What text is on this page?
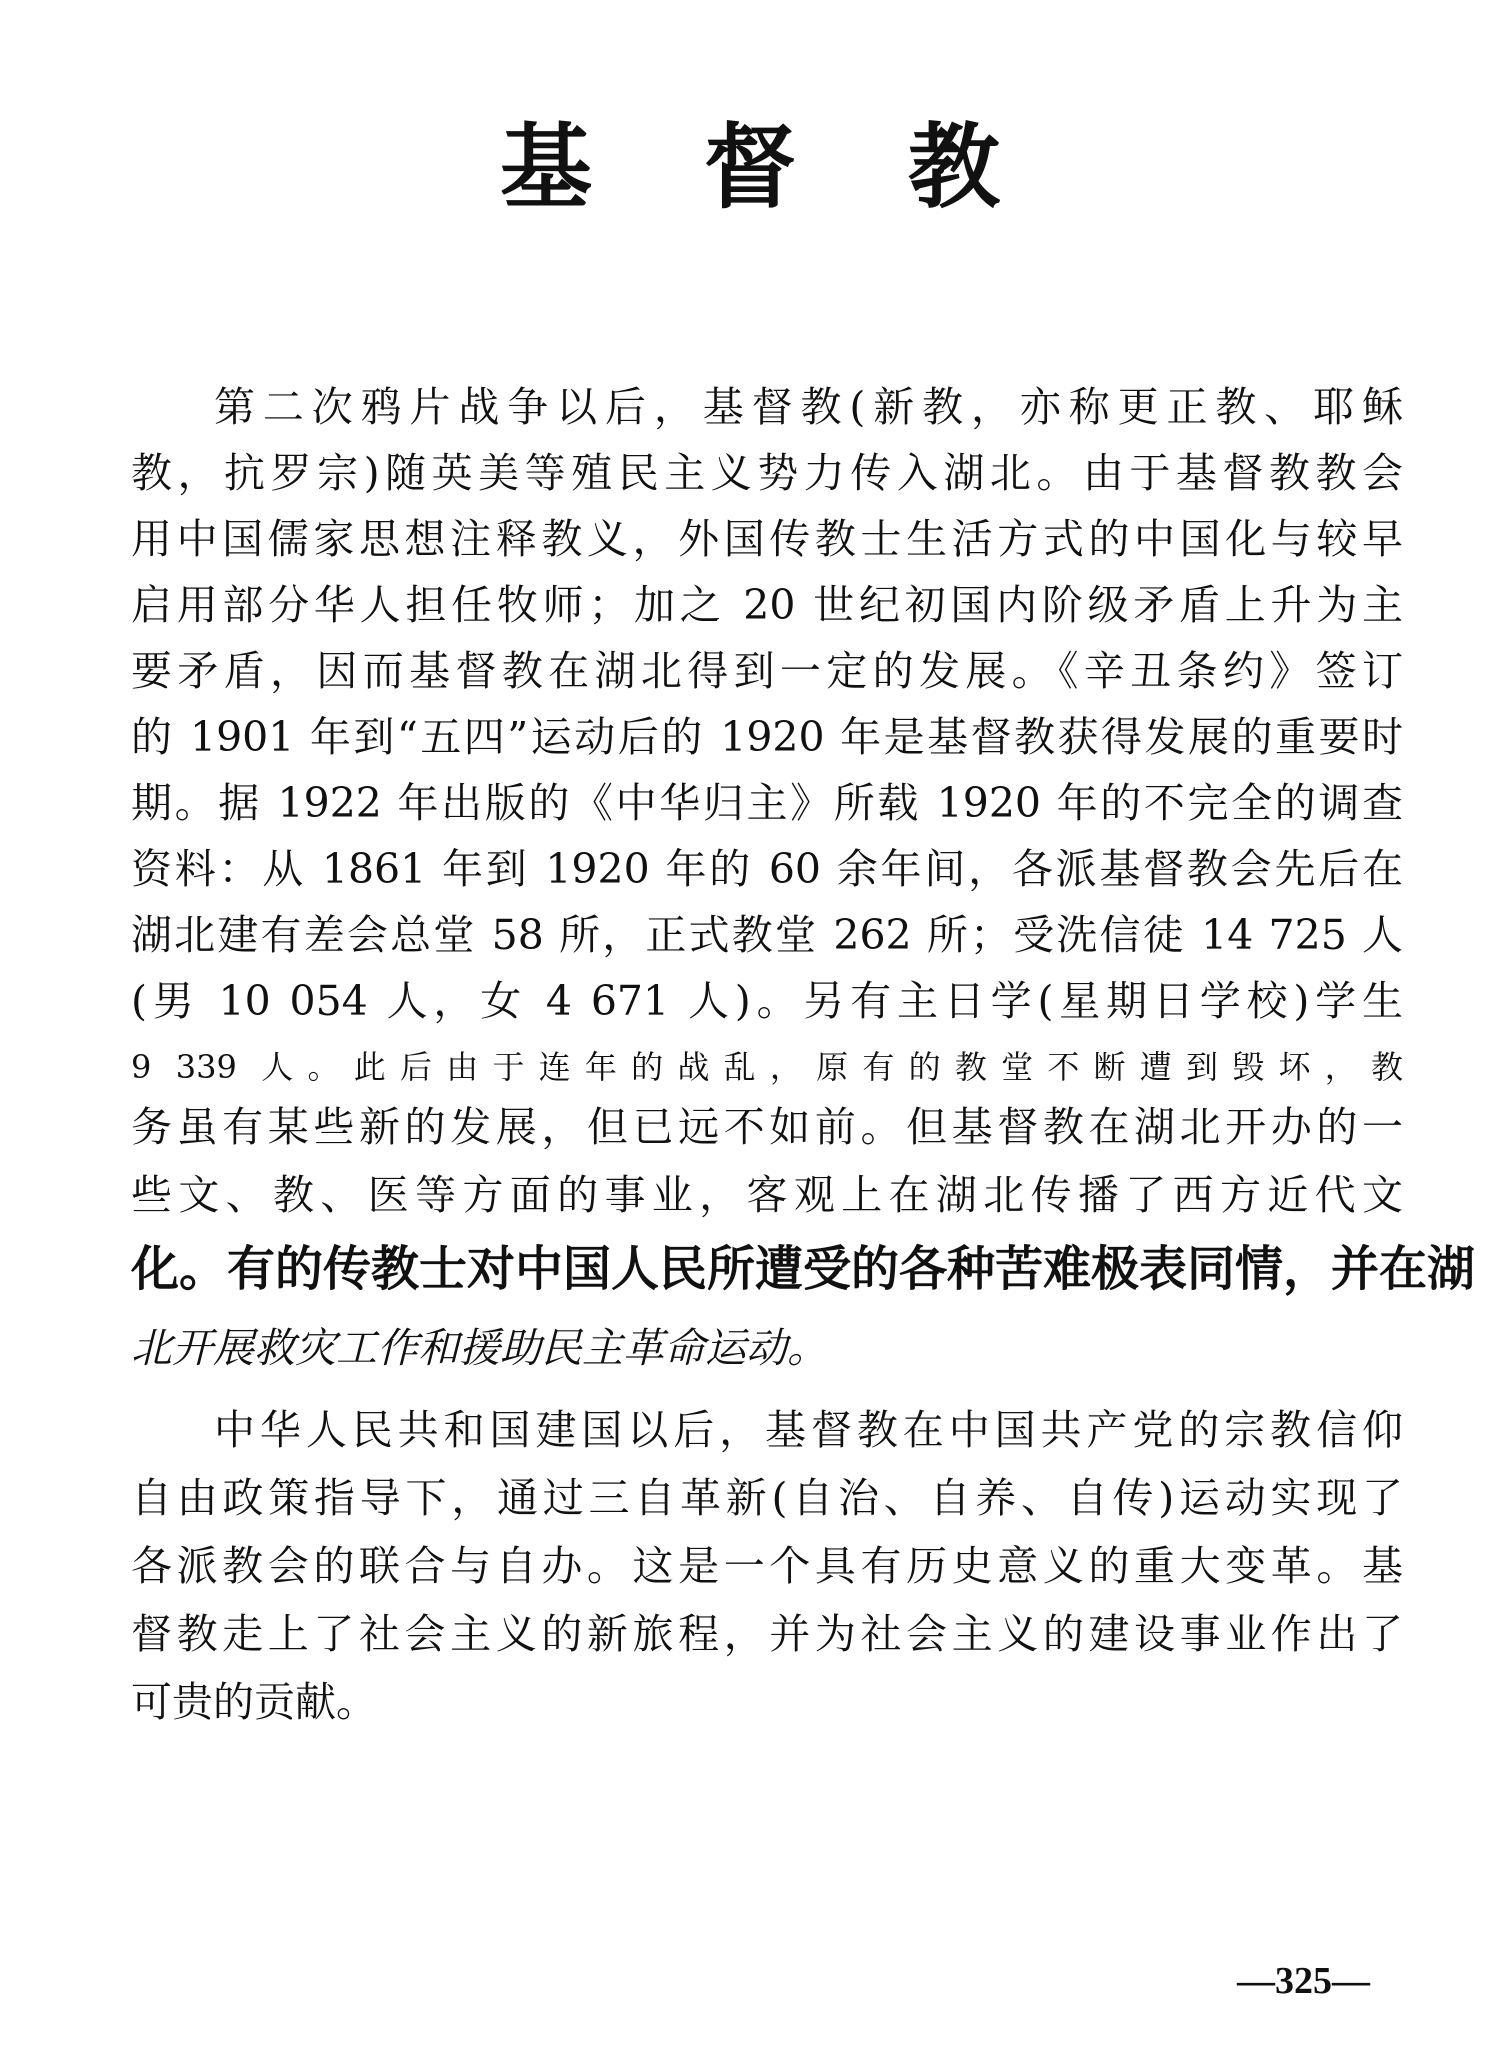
基 督 教

第二次鸦片战争以后，基督教(新教，亦称更正教、耶稣

教，抗罗宗)随英美等殖民主义势力传入湖北。由于基督教教会

用中国儒家思想注释教义，外国传教士生活方式的中国化与较早

启用部分华人担任牧师；加之 20 世纪初国内阶级矛盾上升为主

要矛盾，因而基督教在湖北得到一定的发展。《辛丑条约》签订

的 1901 年到“五四”运动后的 1920 年是基督教获得发展的重要时

期。据 1922 年出版的《中华归主》所载 1920 年的不完全的调查

资料：从 1861 年到 1920 年的 60 余年间，各派基督教会先后在

湖北建有差会总堂 58 所，正式教堂 262 所；受洗信徒 14 725 人

(男 10 054 人，女 4 671 人)。另有主日学(星期日学校)学生

9 339 人。此后由于连年的战乱，原有的教堂不断遭到毁坏，教

务虽有某些新的发展，但已远不如前。但基督教在湖北开办的一

些文、教、医等方面的事业，客观上在湖北传播了西方近代文

化。有的传教士对中国人民所遭受的各种苦难极表同情，并在湖

北开展救灾工作和援助民主革命运动。

中华人民共和国建国以后，基督教在中国共产党的宗教信仰

自由政策指导下，通过三自革新(自治、自养、自传)运动实现了

各派教会的联合与自办。这是一个具有历史意义的重大变革。基

督教走上了社会主义的新旅程，并为社会主义的建设事业作出了

可贵的贡献。

—325—
